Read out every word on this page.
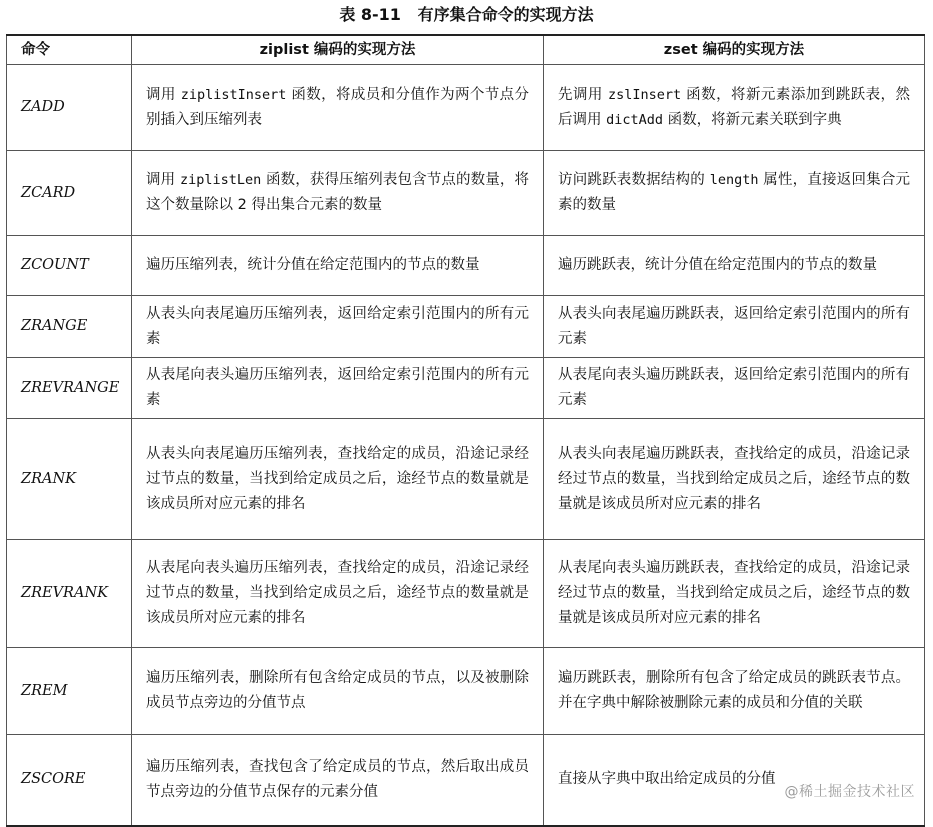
表 8-11   有序集合命令的实现方法
命令	ziplist 编码的实现方法	zset 编码的实现方法
ZADD	调用 ziplistInsert 函数，将成员和分值作为两个节点分别插入到压缩列表	先调用 zslInsert 函数，将新元素添加到跳跃表，然后调用 dictAdd 函数，将新元素关联到字典
ZCARD	调用 ziplistLen 函数，获得压缩列表包含节点的数量，将这个数量除以 2 得出集合元素的数量	访问跳跃表数据结构的 length 属性，直接返回集合元素的数量
ZCOUNT	遍历压缩列表，统计分值在给定范围内的节点的数量	遍历跳跃表，统计分值在给定范围内的节点的数量
ZRANGE	从表头向表尾遍历压缩列表，返回给定索引范围内的所有元素	从表头向表尾遍历跳跃表，返回给定索引范围内的所有元素
ZREVRANGE	从表尾向表头遍历压缩列表，返回给定索引范围内的所有元素	从表尾向表头遍历跳跃表，返回给定索引范围内的所有元素
ZRANK	从表头向表尾遍历压缩列表，查找给定的成员，沿途记录经过节点的数量，当找到给定成员之后，途经节点的数量就是该成员所对应元素的排名	从表头向表尾遍历跳跃表，查找给定的成员，沿途记录经过节点的数量，当找到给定成员之后，途经节点的数量就是该成员所对应元素的排名
ZREVRANK	从表尾向表头遍历压缩列表，查找给定的成员，沿途记录经过节点的数量，当找到给定成员之后，途经节点的数量就是该成员所对应元素的排名	从表尾向表头遍历跳跃表，查找给定的成员，沿途记录经过节点的数量，当找到给定成员之后，途经节点的数量就是该成员所对应元素的排名
ZREM	遍历压缩列表，删除所有包含给定成员的节点，以及被删除成员节点旁边的分值节点	遍历跳跃表，删除所有包含了给定成员的跳跃表节点。并在字典中解除被删除元素的成员和分值的关联
ZSCORE	遍历压缩列表，查找包含了给定成员的节点，然后取出成员节点旁边的分值节点保存的元素分值	直接从字典中取出给定成员的分值
@稀土掘金技术社区
